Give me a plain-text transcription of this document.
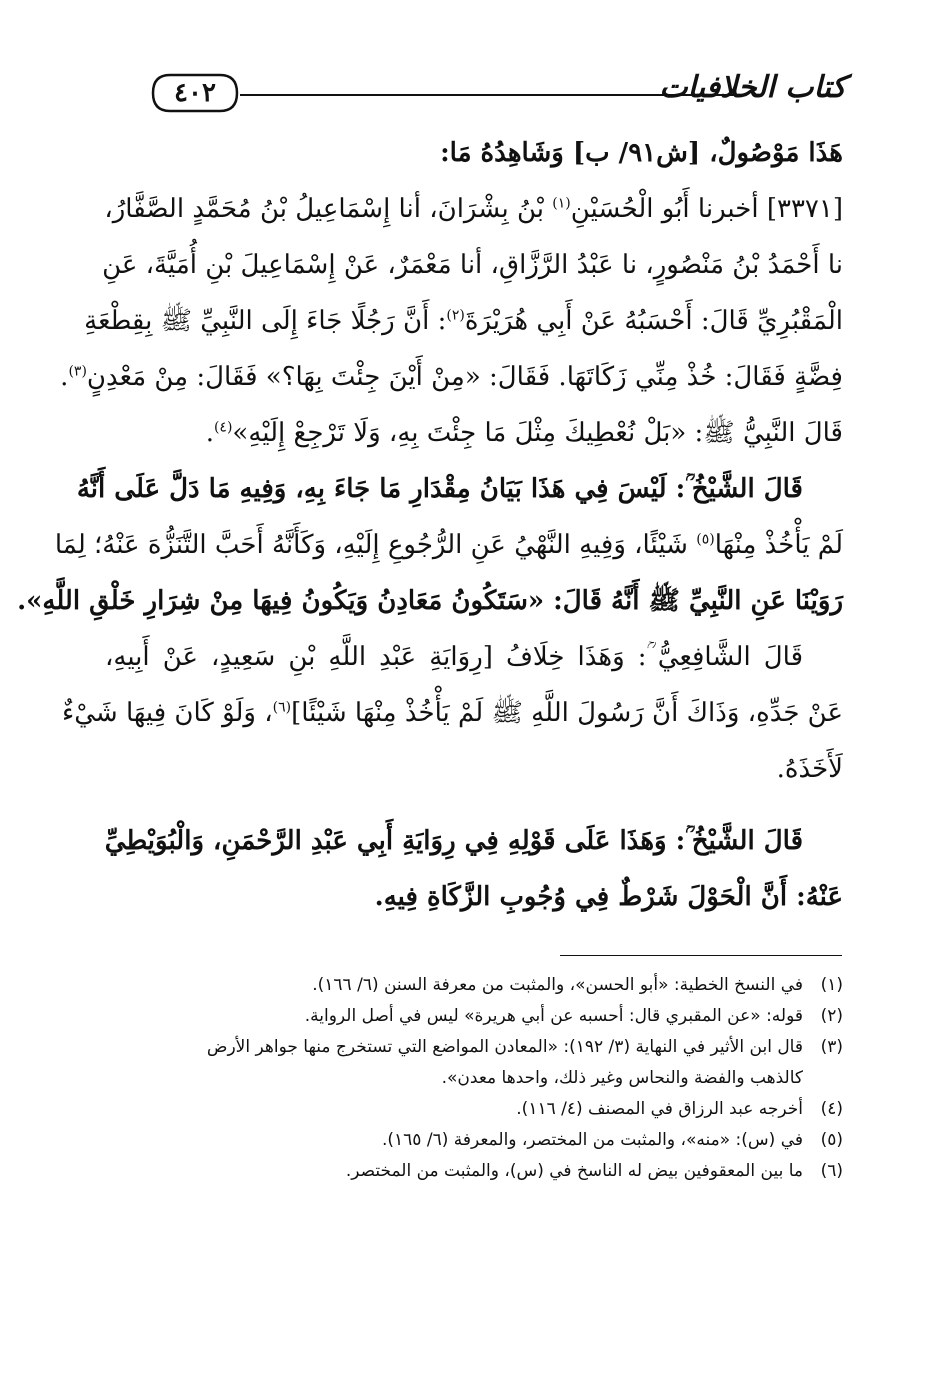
كتاب الخلافيات
٤٠٢
هَذَا مَوْصُولٌ، [ش٩١/ ب] وَشَاهِدُهُ مَا:
[٣٣٧١] أخبرنا أَبُو الْحُسَيْنِ$^{(١)}$ بْنُ بِشْرَانَ، أنا إِسْمَاعِيلُ بْنُ مُحَمَّدٍ الصَّفَّارُ،
نا أَحْمَدُ بْنُ مَنْصُورٍ، نا عَبْدُ الرَّزَّاقِ، أنا مَعْمَرٌ، عَنْ إِسْمَاعِيلَ بْنِ أُمَيَّةَ، عَنِ
الْمَقْبُرِيِّ قَالَ: أَحْسَبُهُ عَنْ أَبِي هُرَيْرَةَ$^{(٢)}$: أَنَّ رَجُلًا جَاءَ إِلَى النَّبِيِّ ﷺ بِقِطْعَةِ
فِضَّةٍ فَقَالَ: خُذْ مِنِّي زَكَاتَهَا. فَقَالَ: «مِنْ أَيْنَ جِئْتَ بِهَا؟» فَقَالَ: مِنْ مَعْدِنٍ$^{(٣)}$.
قَالَ النَّبِيُّ ﷺ: «بَلْ نُعْطِيكَ مِثْلَ مَا جِئْتَ بِهِ، وَلَا تَرْجِعْ إِلَيْهِ»$^{(٤)}$.
قَالَ الشَّيْخُ ؒ: لَيْسَ فِي هَذَا بَيَانُ مِقْدَارِ مَا جَاءَ بِهِ، وَفِيهِ مَا دَلَّ عَلَى أَنَّهُ
لَمْ يَأْخُذْ مِنْهَا$^{(٥)}$ شَيْئًا، وَفِيهِ النَّهْيُ عَنِ الرُّجُوعِ إِلَيْهِ، وَكَأَنَّهُ أَحَبَّ التَّنَزُّهَ عَنْهُ؛ لِمَا
رَوَيْنَا عَنِ النَّبِيِّ ﷺ أَنَّهُ قَالَ: «سَتَكُونُ مَعَادِنُ وَيَكُونُ فِيهَا مِنْ شِرَارِ خَلْقِ اللَّهِ».
قَالَ الشَّافِعِيُّ ؒ: وَهَذَا خِلَافُ [رِوَايَةِ عَبْدِ اللَّهِ بْنِ سَعِيدٍ، عَنْ أَبِيهِ،
عَنْ جَدِّهِ، وَذَاكَ أَنَّ رَسُولَ اللَّهِ ﷺ لَمْ يَأْخُذْ مِنْهَا شَيْئًا]$^{(٦)}$، وَلَوْ كَانَ فِيهَا شَيْءٌ
لَأَخَذَهُ.
قَالَ الشَّيْخُ ؒ: وَهَذَا عَلَى قَوْلِهِ فِي رِوَايَةِ أَبِي عَبْدِ الرَّحْمَنِ، وَالْبُوَيْطِيِّ
عَنْهُ: أَنَّ الْحَوْلَ شَرْطٌ فِي وُجُوبِ الزَّكَاةِ فِيهِ.
(١)
في النسخ الخطية: «أبو الحسن»، والمثبت من معرفة السنن (٦/ ١٦٦).
(٢)
قوله: «عن المقبري قال: أحسبه عن أبي هريرة» ليس في أصل الرواية.
(٣)
قال ابن الأثير في النهاية (٣/ ١٩٢): «المعادن المواضع التي تستخرج منها جواهر الأرض
كالذهب والفضة والنحاس وغير ذلك، واحدها معدن».
(٤)
أخرجه عبد الرزاق في المصنف (٤/ ١١٦).
(٥)
في (س): «منه»، والمثبت من المختصر، والمعرفة (٦/ ١٦٥).
(٦)
ما بين المعقوفين بيض له الناسخ في (س)، والمثبت من المختصر.
